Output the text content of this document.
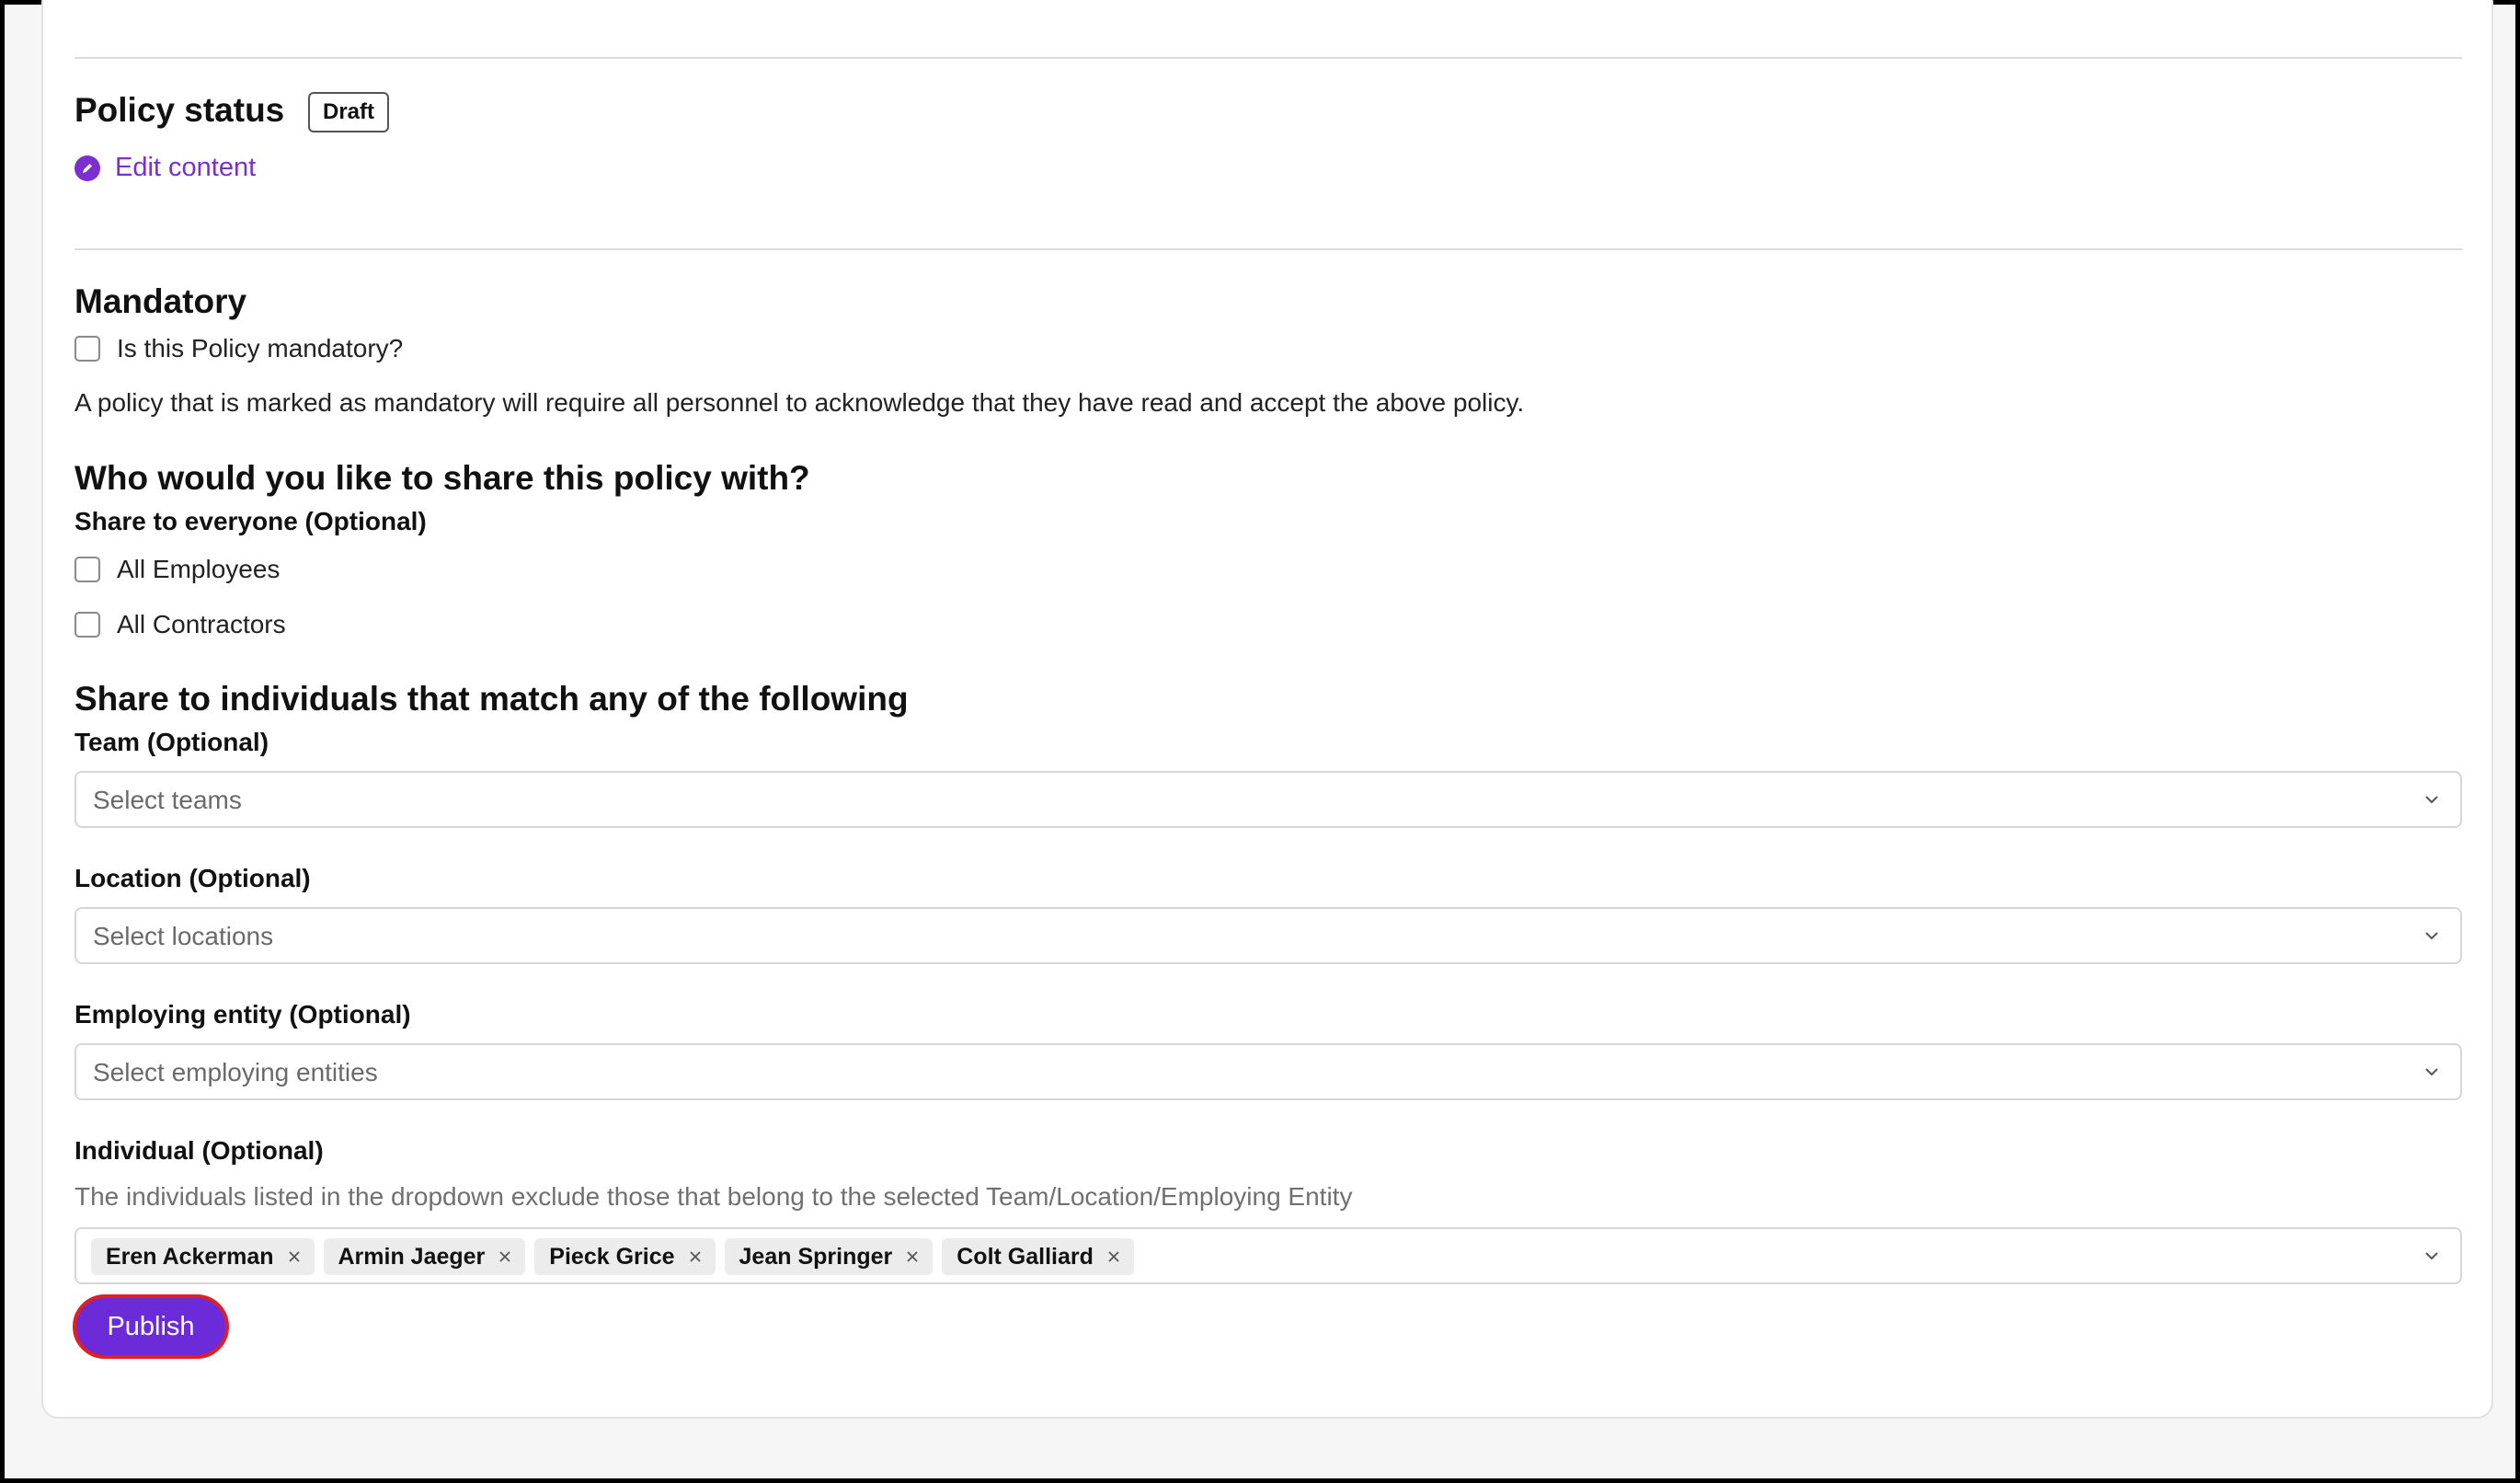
Policy status	Draft
Edit content
Mandatory
Is this Policy mandatory?
A policy that is marked as mandatory will require all personnel to acknowledge that they have read and accept the above policy.
Who would you like to share this policy with?
Share to everyone (Optional)
All Employees
All Contractors
Share to individuals that match any of the following
Team (Optional)
Select teams
Location (Optional)
Select locations
Employing entity (Optional)
Select employing entities
Individual (Optional)
The individuals listed in the dropdown exclude those that belong to the selected Team/Location/Employing Entity
Eren Ackerman	Armin Jaeger	Pieck Grice	Jean Springer	Colt Galliard
Publish
